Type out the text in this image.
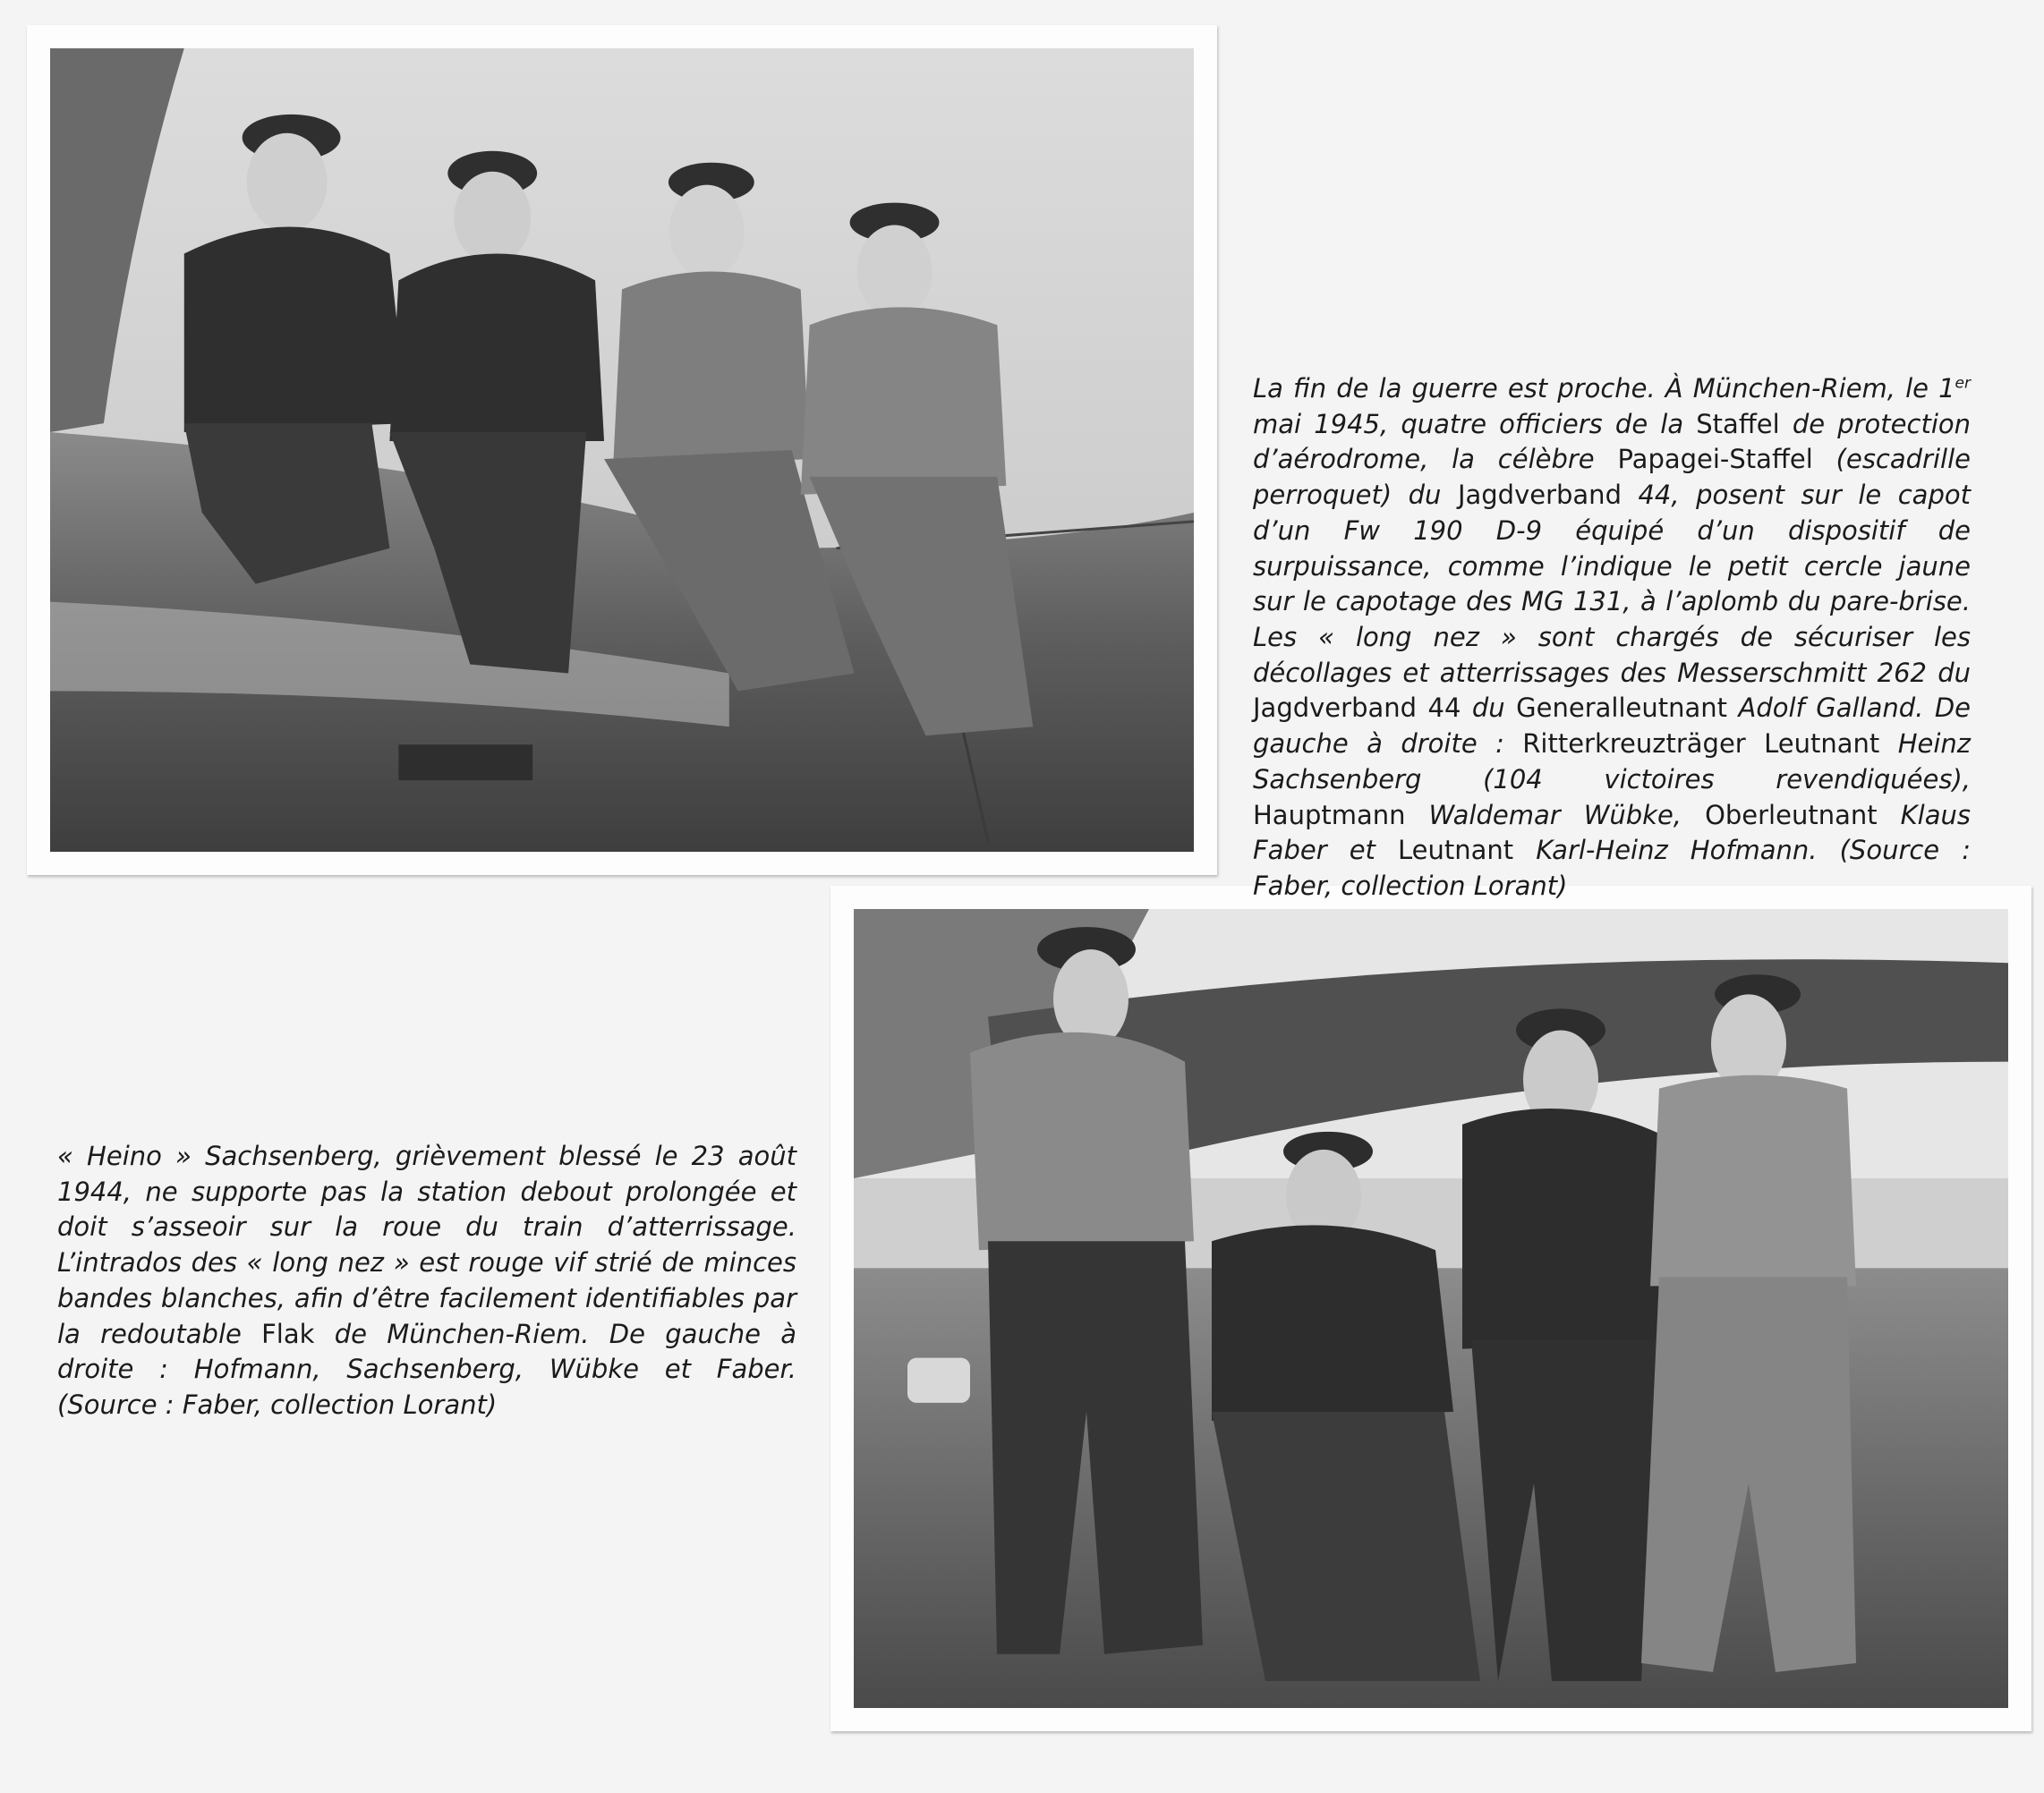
La fin de la guerre est proche. À München-Riem, le 1er mai 1945, quatre officiers de la Staffel de protection d’aérodrome, la célèbre Papagei-Staffel (escadrille perroquet) du Jagdverband 44, posent sur le capot d’un Fw 190 D-9 équipé d’un dispositif de surpuissance, comme l’indique le petit cercle jaune sur le capotage des MG 131, à l’aplomb du pare-brise. Les « long nez » sont chargés de sécuriser les décollages et atterrissages des Messerschmitt 262 du Jagdverband 44 du Generalleutnant Adolf Galland. De gauche à droite : Ritterkreuzträger Leutnant Heinz Sachsenberg (104 victoires revendiquées), Hauptmann Waldemar Wübke, Oberleutnant Klaus Faber et Leutnant Karl-Heinz Hofmann. (Source : Faber, collection Lorant)

« Heino » Sachsenberg, grièvement blessé le 23 août 1944, ne supporte pas la station debout prolongée et doit s’asseoir sur la roue du train d’atterrissage. L’intrados des « long nez » est rouge vif strié de minces bandes blanches, afin d’être facilement identifiables par la redoutable Flak de München-Riem. De gauche à droite : Hofmann, Sachsenberg, Wübke et Faber. (Source : Faber, collection Lorant)
